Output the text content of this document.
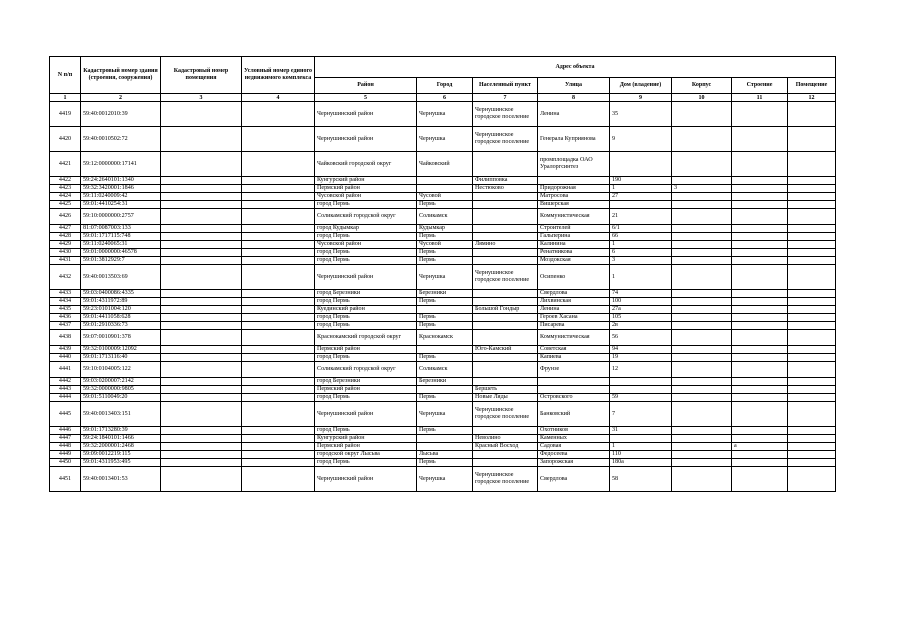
N п/п	Кадастровый номер здания (строения, сооружения)	Кадастровый номер помещения	Условный номер единого недвижимого комплекса	Адрес объекта							
				Район	Город	Населенный пункт	Улица	Дом (владение)	Корпус	Строение	Помещение
1	2	3	4	5	6	7	8	9	10	11	12
4419	59:40:0012010:39			Чернушинский район	Чернушка	Чернушинское городское поселение	Ленина	35			
4420	59:40:0010502:72			Чернушинский район	Чернушка	Чернушинское городское поселение	Генерала Куприянова	9			
4421	59:12:0000000:17141			Чайковский городской округ	Чайковский		промплощадка ОАО Уралоргсинтез				
4422	59:24:2640101:1340			Кунгурский район		Филипповка		190			
4423	59:32:3420001:1846			Пермский район		Нестюково	Придорожная	1	3		
4424	59:11:0240009:42			Чусовской район	Чусовой		Матросова	27			
4425	59:01:4410254:31			город Пермь	Пермь		Вишерская				
4426	59:10:0000000:2757			Соликамский городской округ	Соликамск		Коммунистическая	21			
4427	81:07:0087003:133			город Кудымкар	Кудымкар		Строителей	6/1			
4428	59:01:1717115:748			город Пермь	Пермь		Гальперина	66			
4429	59:11:0240065:31			Чусовской район	Чусовой	Лямино	Калинина	1			
4430	59:01:0000000:46578			город Пермь	Пермь		Ренатникова	6			
4431	59:01:3812929:7			город Пермь	Пермь		Моздокская	3			
4432	59:40:0013503:69			Чернушинский район	Чернушка	Чернушинское городское поселение	Осипенко	1			
4433	59:03:0400086:4335			город Березники	Березники		Свердлова	74			
4434	59:01:4311972:89			город Пермь	Пермь		Лихвинская	100			
4435	59:23:0101004:120			Куединский район		Большой Гондыр	Ленина	27а			
4436	59:01:4411058:628			город Пермь	Пермь		Героев Хасана	105			
4437	59:01:2910336:73			город Пермь	Пермь		Писарева	2в			
4438	59:07:0010901:378			Краснокамский городской округ	Краснокамск		Коммунистическая	56			
4439	59:32:0100009:12092			Пермский район		Юго-Камский	Советская	94			
4440	59:01:1713116:40			город Пермь	Пермь		Капиева	19			
4441	59:10:0104005:122			Соликамский городской округ	Соликамск		Фрунзе	12			
4442	59:03:0200007:2142			город Березники	Березники						
4443	59:32:0000000:9805			Пермский район		Бершеть					
4444	59:01:5110049:20			город Пермь	Пермь	Новые Ляды	Островского	59			
4445	59:40:0013403:151			Чернушинский район	Чернушка	Чернушинское городское поселение	Банковский	7			
4446	59:01:1713280:39			город Пермь	Пермь		Охотников	31			
4447	59:24:1840101:1466			Кунгурский район		Неволино	Каменных				
4448	59:32:2000001:2468			Пермский район		Красный Восход	Садовая	1		а	
4449	59:09:0012219:115			городской округ Лысьва	Лысьва		Федосеева	110			
4450	59:01:4311953:495			город Пермь	Пермь		Запорожская	180а			
4451	59:40:0013401:53			Чернушинский район	Чернушка	Чернушинское городское поселение	Свердлова	58			
